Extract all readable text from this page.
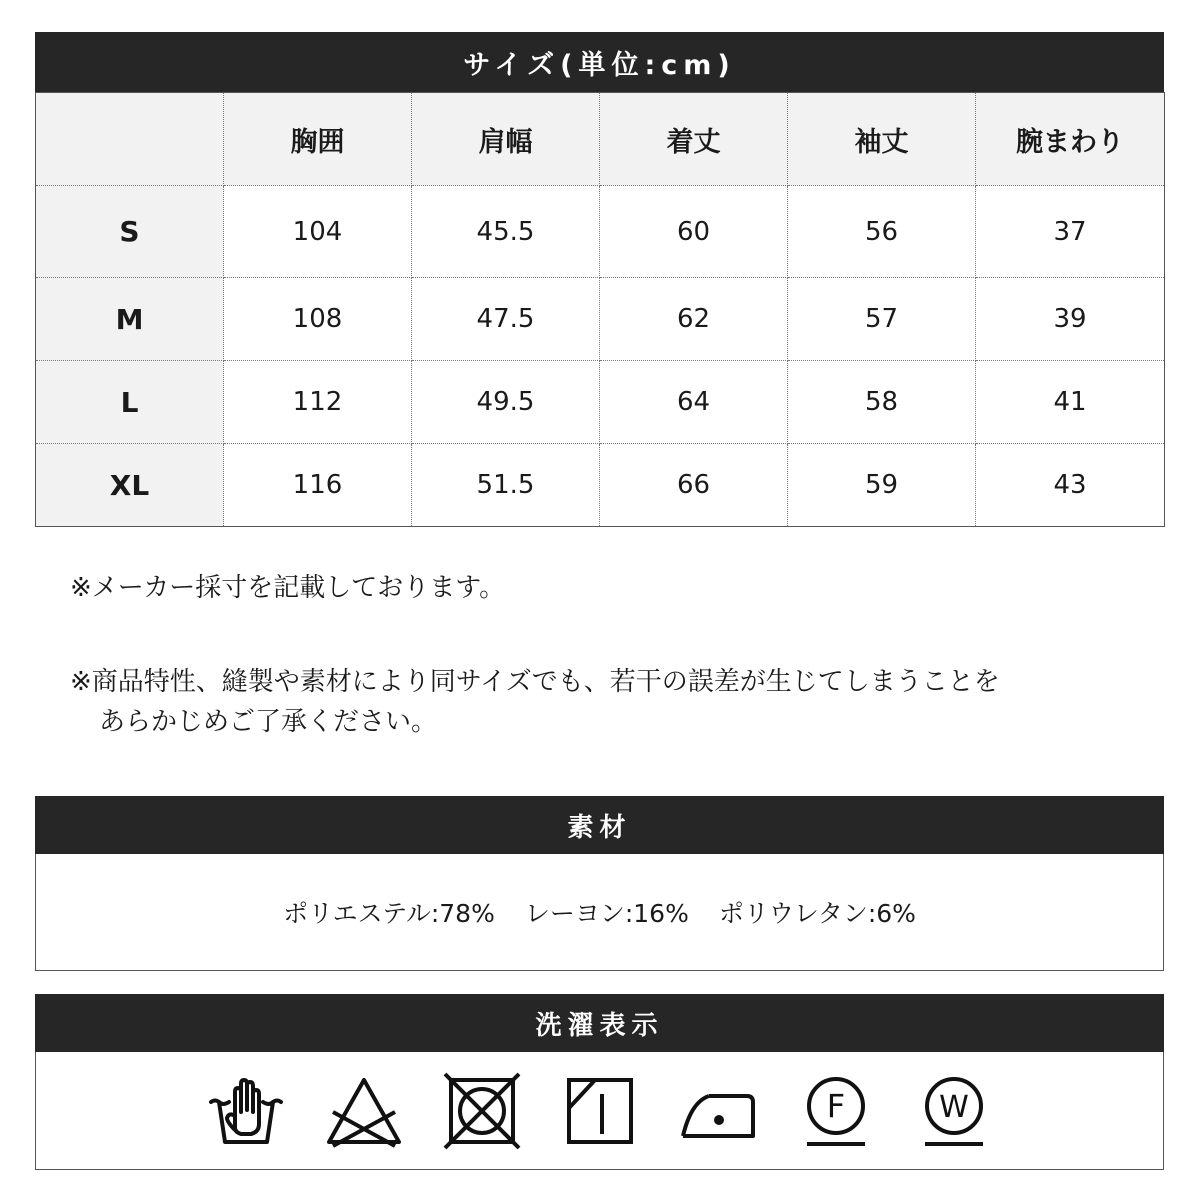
サイズ(単位:cm)
	胸囲	肩幅	着丈	袖丈	腕まわり
S	104	45.5	60	56	37
M	108	47.5	62	57	39
L	112	49.5	64	58	41
XL	116	51.5	66	59	43
※メーカー採寸を記載しております。
※商品特性、縫製や素材により同サイズでも、若干の誤差が生じてしまうことを
あらかじめご了承ください。
素材
ポリエステル:78% レーヨン:16% ポリウレタン:6%
洗濯表示
F	W
